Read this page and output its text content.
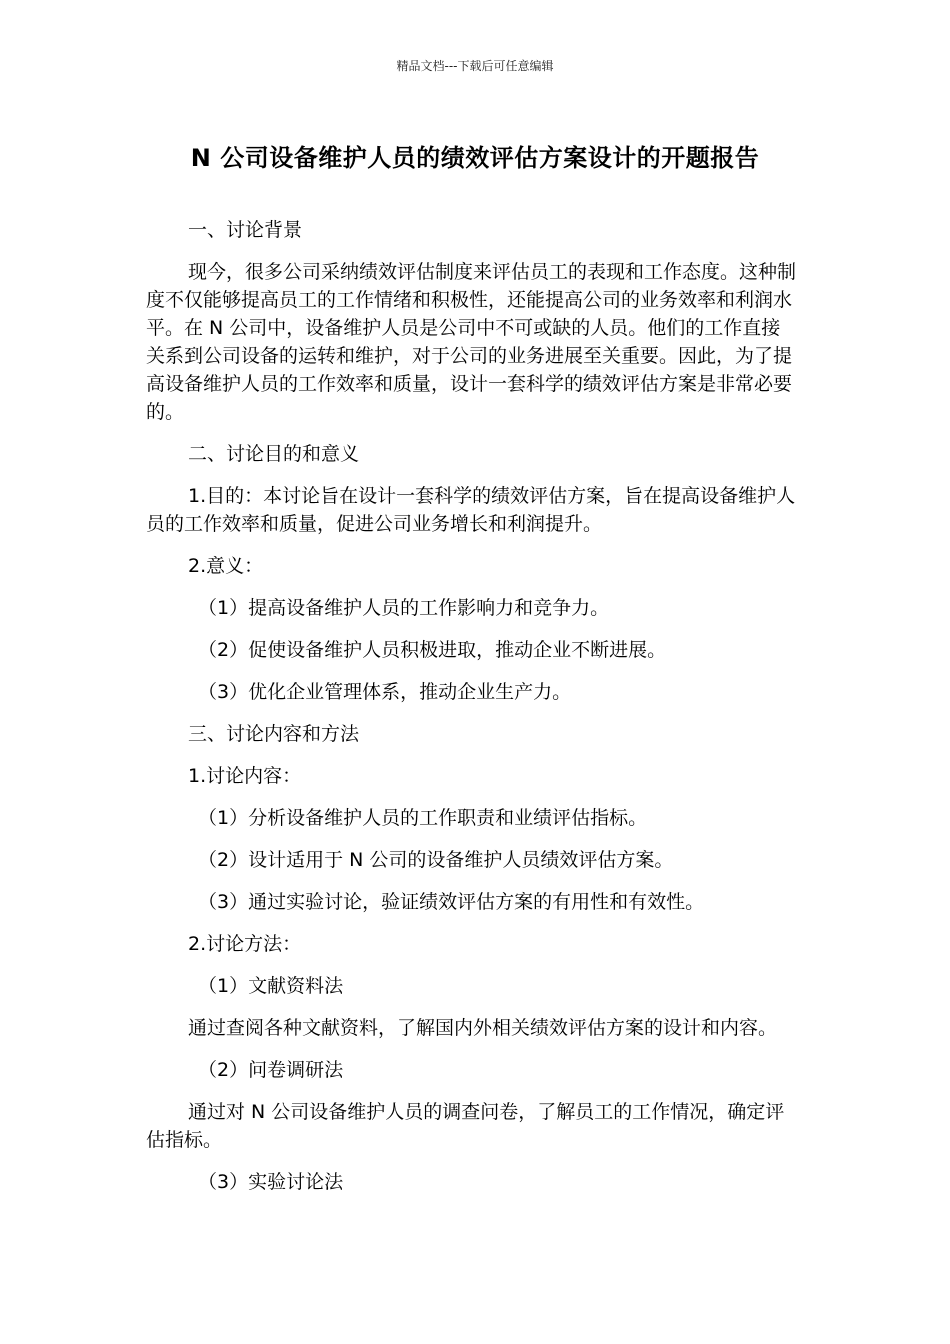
精品文档---下载后可任意编辑
N 公司设备维护人员的绩效评估方案设计的开题报告

一、讨论背景

现今，很多公司采纳绩效评估制度来评估员工的表现和工作态度。这种制度不仅能够提高员工的工作情绪和积极性，还能提高公司的业务效率和利润水平。在 N 公司中，设备维护人员是公司中不可或缺的人员。他们的工作直接关系到公司设备的运转和维护，对于公司的业务进展至关重要。因此，为了提高设备维护人员的工作效率和质量，设计一套科学的绩效评估方案是非常必要的。

二、讨论目的和意义

1.目的：本讨论旨在设计一套科学的绩效评估方案，旨在提高设备维护人员的工作效率和质量，促进公司业务增长和利润提升。

2.意义：

（1）提高设备维护人员的工作影响力和竞争力。

（2）促使设备维护人员积极进取，推动企业不断进展。

（3）优化企业管理体系，推动企业生产力。

三、讨论内容和方法

1.讨论内容：

（1）分析设备维护人员的工作职责和业绩评估指标。

（2）设计适用于 N 公司的设备维护人员绩效评估方案。

（3）通过实验讨论，验证绩效评估方案的有用性和有效性。

2.讨论方法：

（1）文献资料法

通过查阅各种文献资料，了解国内外相关绩效评估方案的设计和内容。

（2）问卷调研法

通过对 N 公司设备维护人员的调查问卷，了解员工的工作情况，确定评估指标。

（3）实验讨论法
